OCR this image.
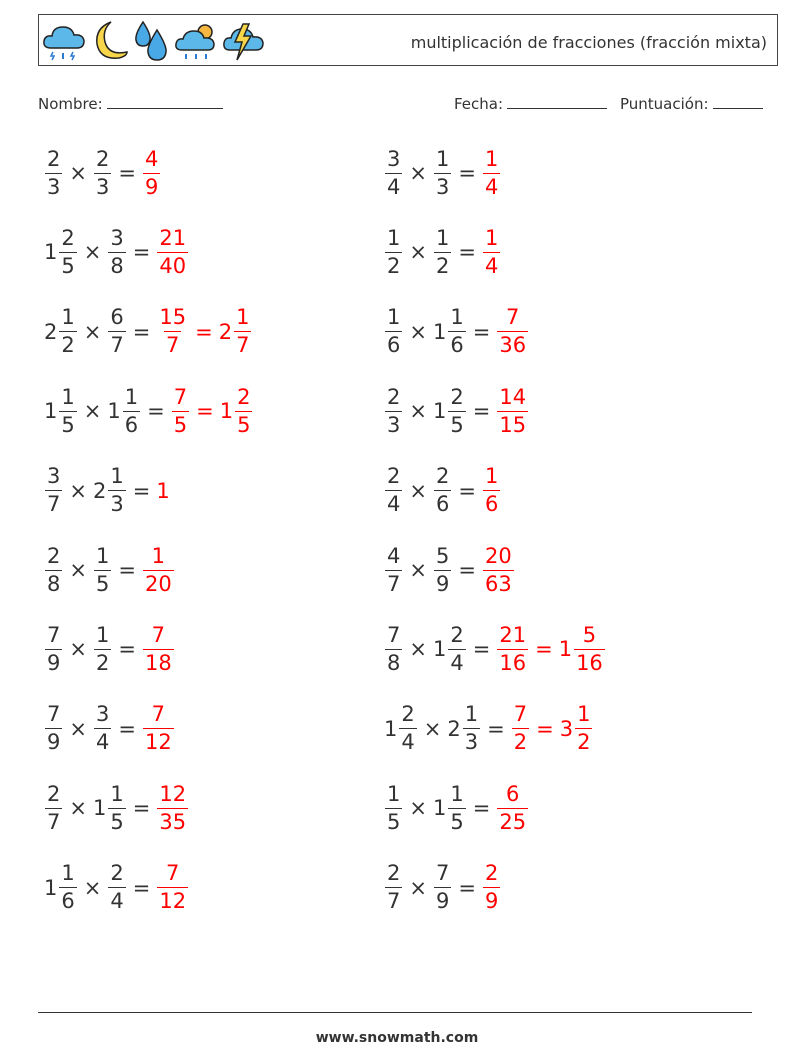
multiplicación de fracciones (fracción mixta)
Nombre:	Fecha:	Puntuación:
$\frac{2}{3} \times \frac{2}{3} = \frac{4}{9}$	$\frac{3}{4} \times \frac{1}{3} = \frac{1}{4}$
$1 \frac{2}{5} \times \frac{3}{8} = \frac{21}{40}$	$\frac{1}{2} \times \frac{1}{2} = \frac{1}{4}$
$2 \frac{1}{2} \times \frac{6}{7} = \frac{15}{7} = 2 \frac{1}{7}$	$\frac{1}{6} \times 1 \frac{1}{6} = \frac{7}{36}$
$1 \frac{1}{5} \times 1 \frac{1}{6} = \frac{7}{5} = 1 \frac{2}{5}$	$\frac{2}{3} \times 1 \frac{2}{5} = \frac{14}{15}$
$\frac{3}{7} \times 2 \frac{1}{3} = 1$	$\frac{2}{4} \times \frac{2}{6} = \frac{1}{6}$
$\frac{2}{8} \times \frac{1}{5} = \frac{1}{20}$	$\frac{4}{7} \times \frac{5}{9} = \frac{20}{63}$
$\frac{7}{9} \times \frac{1}{2} = \frac{7}{18}$	$\frac{7}{8} \times 1 \frac{2}{4} = \frac{21}{16} = 1 \frac{5}{16}$
$\frac{7}{9} \times \frac{3}{4} = \frac{7}{12}$	$1 \frac{2}{4} \times 2 \frac{1}{3} = \frac{7}{2} = 3 \frac{1}{2}$
$\frac{2}{7} \times 1 \frac{1}{5} = \frac{12}{35}$	$\frac{1}{5} \times 1 \frac{1}{5} = \frac{6}{25}$
$1 \frac{1}{6} \times \frac{2}{4} = \frac{7}{12}$	$\frac{2}{7} \times \frac{7}{9} = \frac{2}{9}$
www.snowmath.com
